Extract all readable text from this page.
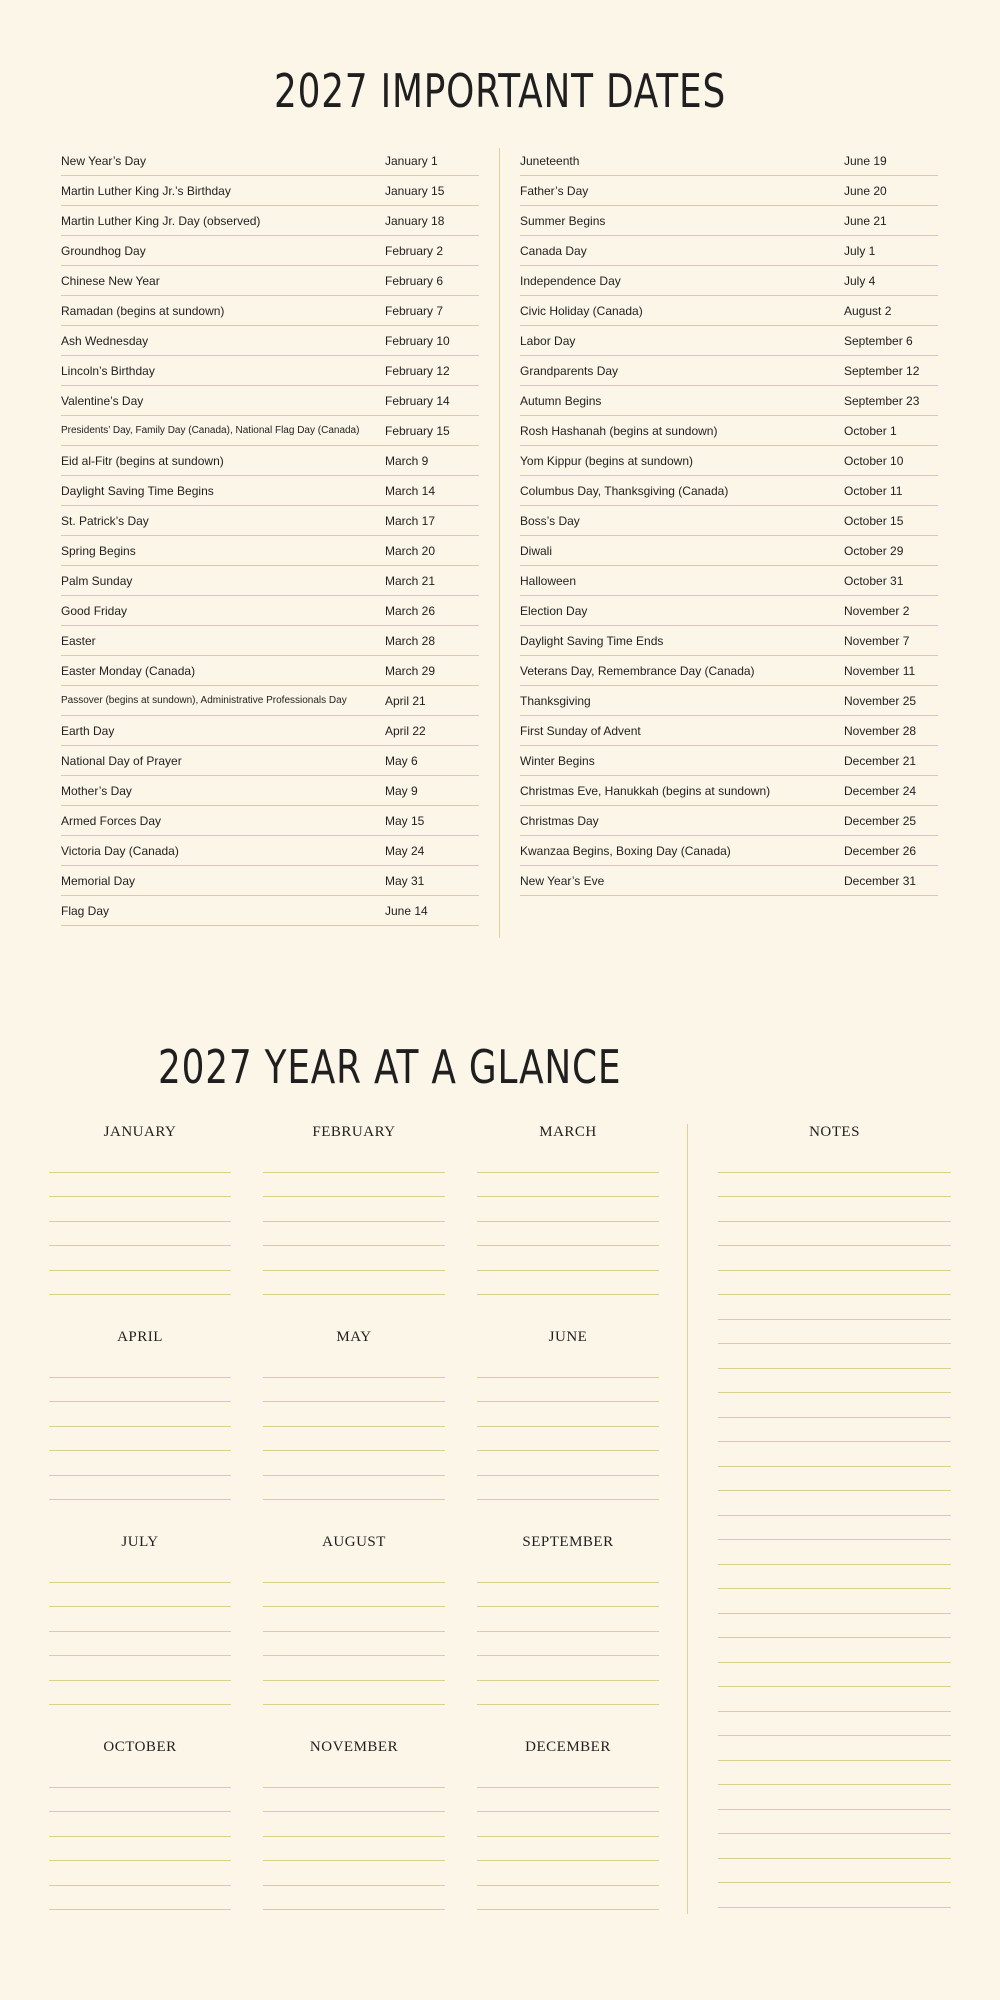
2027 IMPORTANT DATES
New Year’s Day	January 1
Martin Luther King Jr.’s Birthday	January 15
Martin Luther King Jr. Day (observed)	January 18
Groundhog Day	February 2
Chinese New Year	February 6
Ramadan (begins at sundown)	February 7
Ash Wednesday	February 10
Lincoln’s Birthday	February 12
Valentine’s Day	February 14
Presidents’ Day, Family Day (Canada), National Flag Day (Canada)	February 15
Eid al-Fitr (begins at sundown)	March 9
Daylight Saving Time Begins	March 14
St. Patrick’s Day	March 17
Spring Begins	March 20
Palm Sunday	March 21
Good Friday	March 26
Easter	March 28
Easter Monday (Canada)	March 29
Passover (begins at sundown), Administrative Professionals Day	April 21
Earth Day	April 22
National Day of Prayer	May 6
Mother’s Day	May 9
Armed Forces Day	May 15
Victoria Day (Canada)	May 24
Memorial Day	May 31
Flag Day	June 14
Juneteenth	June 19
Father’s Day	June 20
Summer Begins	June 21
Canada Day	July 1
Independence Day	July 4
Civic Holiday (Canada)	August 2
Labor Day	September 6
Grandparents Day	September 12
Autumn Begins	September 23
Rosh Hashanah (begins at sundown)	October 1
Yom Kippur (begins at sundown)	October 10
Columbus Day, Thanksgiving (Canada)	October 11
Boss’s Day	October 15
Diwali	October 29
Halloween	October 31
Election Day	November 2
Daylight Saving Time Ends	November 7
Veterans Day, Remembrance Day (Canada)	November 11
Thanksgiving	November 25
First Sunday of Advent	November 28
Winter Begins	December 21
Christmas Eve, Hanukkah (begins at sundown)	December 24
Christmas Day	December 25
Kwanzaa Begins, Boxing Day (Canada)	December 26
New Year’s Eve	December 31
2027 YEAR AT A GLANCE
JANUARY	FEBRUARY	MARCH
APRIL	MAY	JUNE
JULY	AUGUST	SEPTEMBER
OCTOBER	NOVEMBER	DECEMBER
NOTES
